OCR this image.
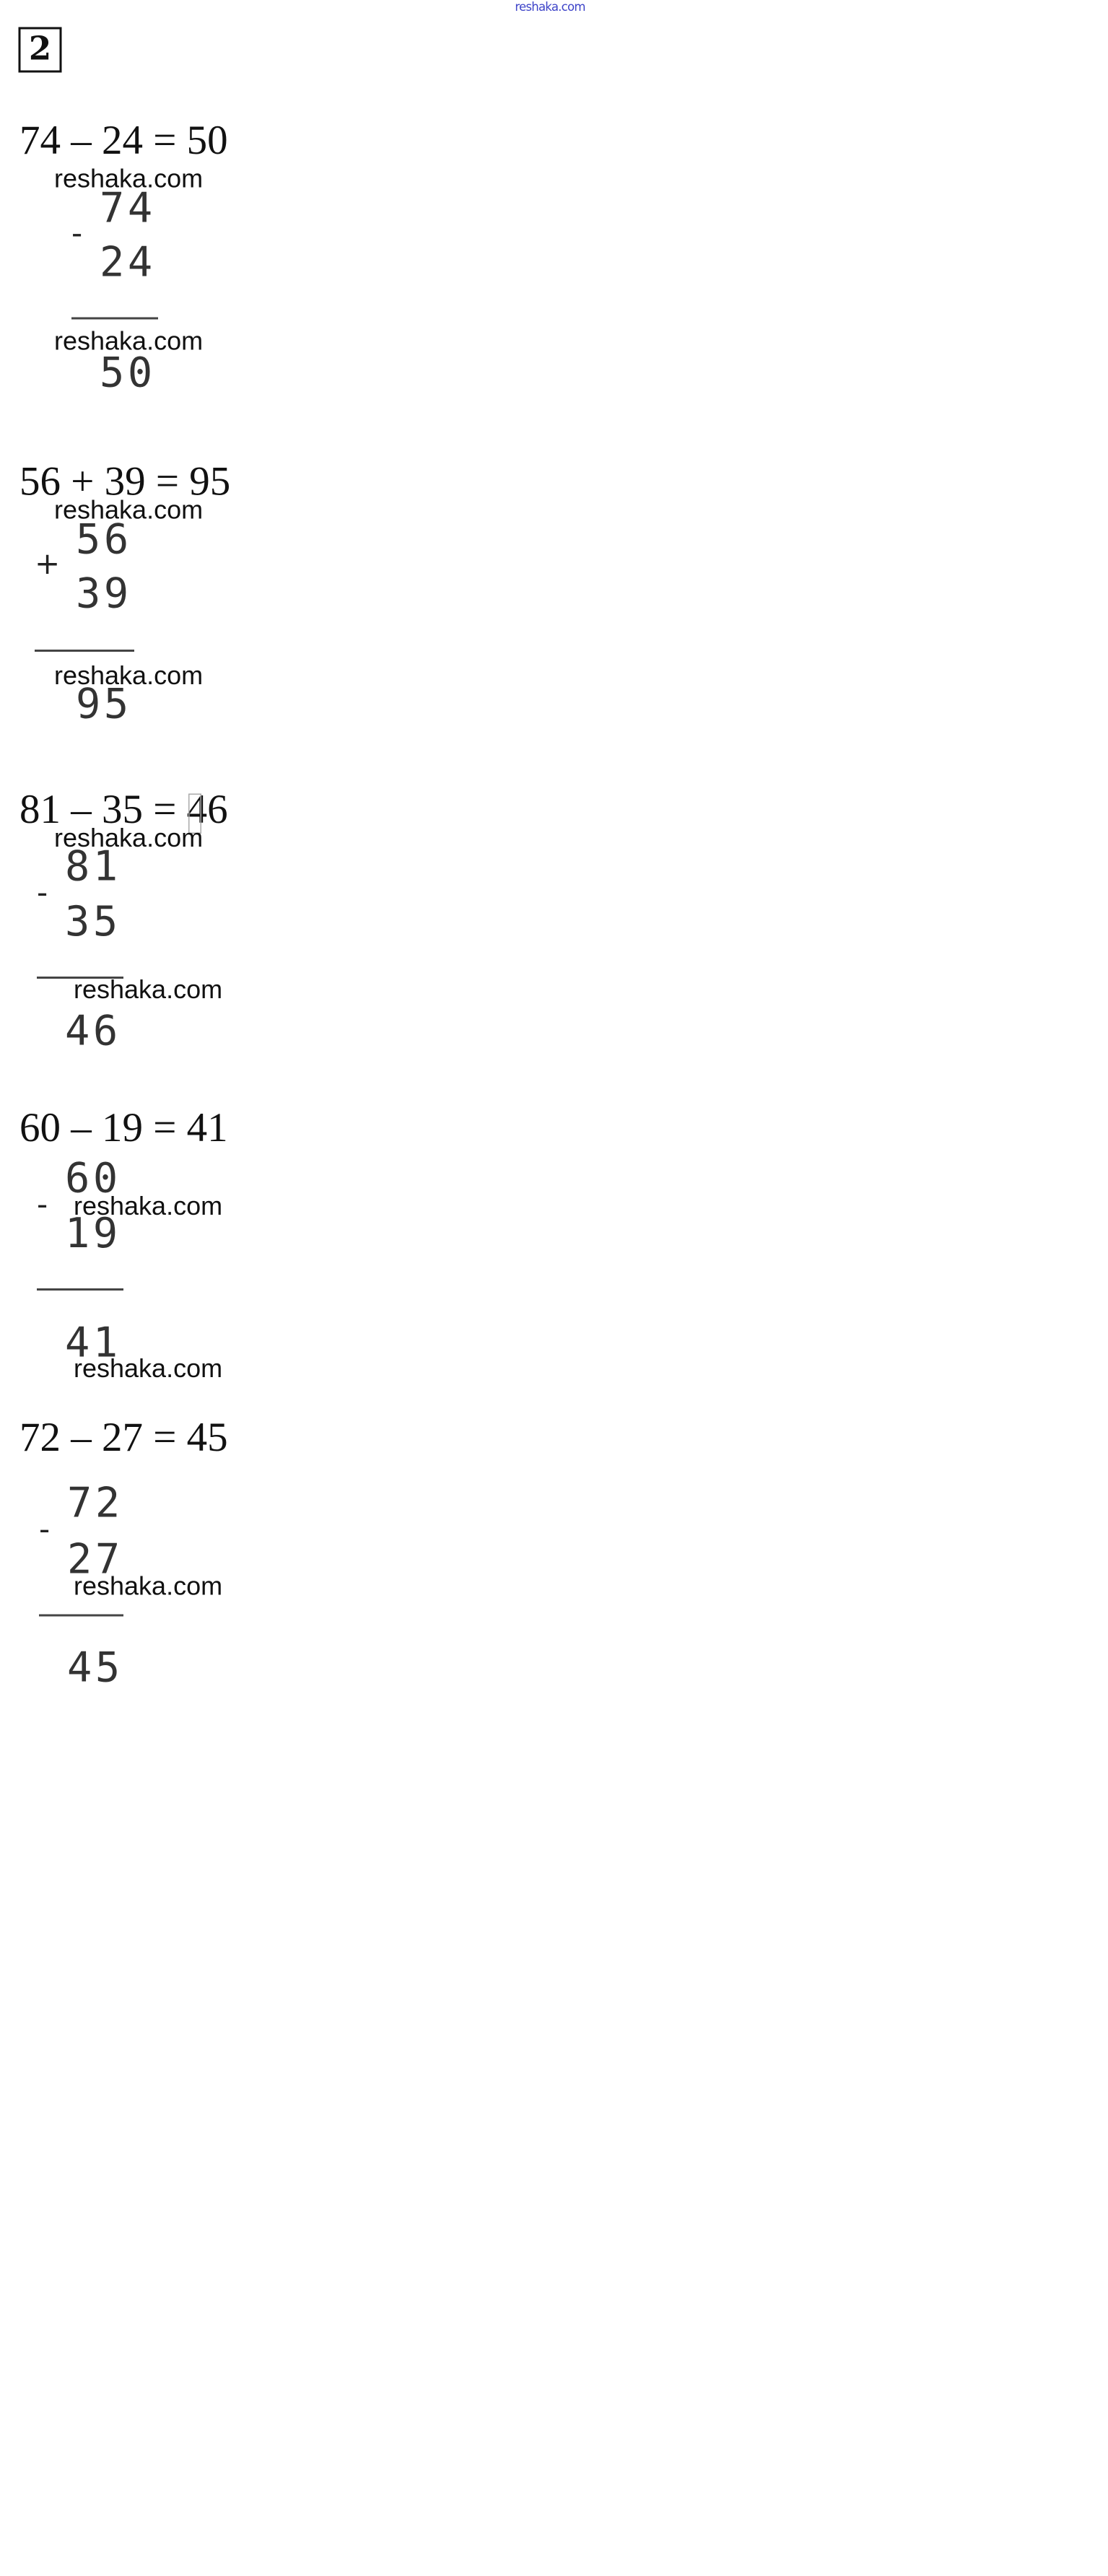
reshaka.com
2
74 – 24 = 50
reshaka.com
74
-
24
reshaka.com
50
56 + 39 = 95
reshaka.com
56
+
39
reshaka.com
95
81 – 35 = 46
reshaka.com
81
-
35
reshaka.com
46
60 – 19 = 41
60
- reshaka.com
19
41
reshaka.com
72 – 27 = 45
72
-
27
reshaka.com
45
